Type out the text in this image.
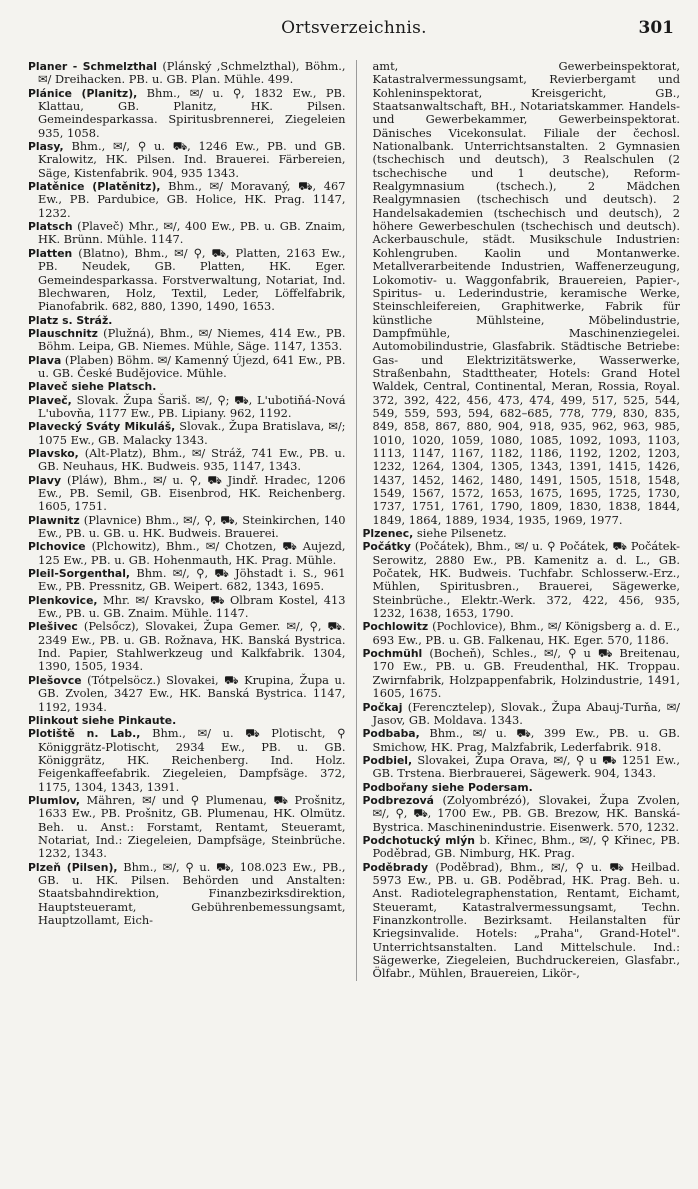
Ortsverzeichnis.	301
Planer - Schmelzthal (Plánský ,Schmelzthal), Böhm., ✉/ Dreihacken. PB. u. GB. Plan. Mühle. 499.
Plánice (Planitz), Bhm., ✉/ u. ⚲, 1832 Ew., PB. Klattau, GB. Planitz, HK. Pilsen. Gemeindesparkassa. Spiritusbrennerei, Ziegeleien 935, 1058.
Plasy, Bhm., ✉/, ⚲ u. ⛟, 1246 Ew., PB. und GB. Kralowitz, HK. Pilsen. Ind. Brauerei. Färbereien, Säge, Kistenfabrik. 904, 935 1343.
Platěnice (Platěnitz), Bhm., ✉/ Moravaný, ⛟, 467 Ew., PB. Pardubice, GB. Holice, HK. Prag. 1147, 1232.
Platsch (Plaveč) Mhr., ✉/, 400 Ew., PB. u. GB. Znaim, HK. Brünn. Mühle. 1147.
Platten (Blatno), Bhm., ✉/ ⚲, ⛟, Platten, 2163 Ew., PB. Neudek, GB. Platten, HK. Eger. Gemeindesparkassa. Forstverwaltung, Notariat, Ind. Blechwaren, Holz, Textil, Leder, Löffelfabrik, Pianofabrik. 682, 880, 1390, 1490, 1653.
Platz s. Stráž.
Plauschnitz (Plužná), Bhm., ✉/ Niemes, 414 Ew., PB. Böhm. Leipa, GB. Niemes. Mühle, Säge. 1147, 1353.
Plava (Plaben) Böhm. ✉/ Kamenný Újezd, 641 Ew., PB. u. GB. České Budějovice. Mühle.
Plaveč siehe Platsch.
Plaveč, Slovak. Župa Šariš. ✉/, ⚲; ⛟, L'ubotiňá-Nová L'ubovňa, 1177 Ew., PB. Lipiany. 962, 1192.
Plavecký Sváty Mikuláš, Slovak., Župa Bratislava, ✉/; 1075 Ew., GB. Malacky 1343.
Plavsko, (Alt-Platz), Bhm., ✉/ Stráž, 741 Ew., PB. u. GB. Neuhaus, HK. Budweis. 935, 1147, 1343.
Plavy (Pláw), Bhm., ✉/ u. ⚲, ⛟ Jindř. Hradec, 1206 Ew., PB. Semil, GB. Eisenbrod, HK. Reichenberg. 1605, 1751.
Plawnitz (Plavnice) Bhm., ✉/, ⚲, ⛟, Steinkirchen, 140 Ew., PB. u. GB. u. HK. Budweis. Brauerei.
Plchovice (Plchowitz), Bhm., ✉/ Chotzen, ⛟ Aujezd, 125 Ew., PB. u. GB. Hohenmauth, HK. Prag. Mühle.
Pleil-Sorgenthal, Bhm. ✉/, ⚲, ⛟ Jöhstadt i. S., 961 Ew., PB. Pressnitz, GB. Weipert. 682, 1343, 1695.
Plenkovice, Mhr. ✉/ Kravsko, ⛟ Olbram Kostel, 413 Ew., PB. u. GB. Znaim. Mühle. 1147.
Plešivec (Pelsőcz), Slovakei, Župa Gemer. ✉/, ⚲, ⛟. 2349 Ew., PB. u. GB. Rožnava, HK. Banská Bystrica. Ind. Papier, Stahlwerkzeug und Kalkfabrik. 1304, 1390, 1505, 1934.
Plešovce (Tótpelsöcz.) Slovakei, ⛟ Krupina, Župa u. GB. Zvolen, 3427 Ew., HK. Banská Bystrica. 1147, 1192, 1934.
Plinkout siehe Pinkaute.
Plotiště n. Lab., Bhm., ✉/ u. ⛟ Plotischt, ⚲ Königgrätz-Plotischt, 2934 Ew., PB. u. GB. Königgrätz, HK. Reichenberg. Ind. Holz. Feigenkaffeefabrik. Ziegeleien, Dampfsäge. 372, 1175, 1304, 1343, 1391.
Plumlov, Mähren, ✉/ und ⚲ Plumenau, ⛟ Prošnitz, 1633 Ew., PB. Prošnitz, GB. Plumenau, HK. Olmütz. Beh. u. Anst.: Forstamt, Rentamt, Steueramt, Notariat, Ind.: Ziegeleien, Dampfsäge, Steinbrüche. 1232, 1343.
Plzeň (Pilsen), Bhm., ✉/, ⚲ u. ⛟, 108.023 Ew., PB., GB. u. HK. Pilsen. Behörden und Anstalten: Staatsbahndirektion, Finanzbezirksdirektion, Hauptsteueramt, Gebührenbemessungsamt, Hauptzollamt, Eich-
amt, Gewerbeinspektorat, Katastralvermessungsamt, Revierbergamt und Kohleninspektorat, Kreisgericht, GB., Staatsanwaltschaft, BH., Notariatskammer. Handels- und Gewerbekammer, Gewerbeinspektorat. Dänisches Vicekonsulat. Filiale der čechosl. Nationalbank. Unterrichtsanstalten. 2 Gymnasien (tschechisch und deutsch), 3 Realschulen (2 tschechische und 1 deutsche), Reform-Realgymnasium (tschech.), 2 Mädchen Realgymnasien (tschechisch und deutsch). 2 Handelsakademien (tschechisch und deutsch), 2 höhere Gewerbeschulen (tschechisch und deutsch). Ackerbauschule, städt. Musikschule Industrien: Kohlengruben. Kaolin und Montanwerke. Metallverarbeitende Industrien, Waffenerzeugung, Lokomotiv- u. Waggonfabrik, Brauereien, Papier-, Spiritus- u. Lederindustrie, keramische Werke, Steinschleifereien, Graphitwerke, Fabrik für künstliche Mühlsteine, Möbelindustrie, Dampfmühle, Maschinenziegelei. Automobilindustrie, Glasfabrik. Städtische Betriebe: Gas- und Elektrizitätswerke, Wasserwerke, Straßenbahn, Stadttheater, Hotels: Grand Hotel Waldek, Central, Continental, Meran, Rossia, Royal. 372, 392, 422, 456, 473, 474, 499, 517, 525, 544, 549, 559, 593, 594, 682–685, 778, 779, 830, 835, 849, 858, 867, 880, 904, 918, 935, 962, 963, 985, 1010, 1020, 1059, 1080, 1085, 1092, 1093, 1103, 1113, 1147, 1167, 1182, 1186, 1192, 1202, 1203, 1232, 1264, 1304, 1305, 1343, 1391, 1415, 1426, 1437, 1452, 1462, 1480, 1491, 1505, 1518, 1548, 1549, 1567, 1572, 1653, 1675, 1695, 1725, 1730, 1737, 1751, 1761, 1790, 1809, 1830, 1838, 1844, 1849, 1864, 1889, 1934, 1935, 1969, 1977.
Plzenec, siehe Pilsenetz.
Počátky (Počátek), Bhm., ✉/ u. ⚲ Počátek, ⛟ Počátek-Serowitz, 2880 Ew., PB. Kamenitz a. d. L., GB. Počatek, HK. Budweis. Tuchfabr. Schlosserw.-Erz., Mühlen, Spiritusbren., Brauerei, Sägewerke, Steinbrüche., Elektr.-Werk. 372, 422, 456, 935, 1232, 1638, 1653, 1790.
Pochlowitz (Pochlovice), Bhm., ✉/ Königsberg a. d. E., 693 Ew., PB. u. GB. Falkenau, HK. Eger. 570, 1186.
Pochmühl (Bocheň), Schles., ✉/, ⚲ u ⛟ Breitenau, 170 Ew., PB. u. GB. Freudenthal, HK. Troppau. Zwirnfabrik, Holzpappenfabrik, Holzindustrie, 1491, 1605, 1675.
Počkaj (Ferencztelep), Slovak., Župa Abauj-Turňa, ✉/ Jasov, GB. Moldava. 1343.
Podbaba, Bhm., ✉/ u. ⛟, 399 Ew., PB. u. GB. Smichow, HK. Prag, Malzfabrik, Lederfabrik. 918.
Podbiel, Slovakei, Župa Orava, ✉/, ⚲ u ⛟ 1251 Ew., GB. Trstena. Bierbrauerei, Sägewerk. 904, 1343.
Podbořany siehe Podersam.
Podbrezová (Zolyombrézó), Slovakei, Župa Zvolen, ✉/, ⚲, ⛟, 1700 Ew., PB. GB. Brezow, HK. Banská-Bystrica. Maschinenindustrie. Eisenwerk. 570, 1232.
Podchotucký mlýn b. Křinec, Bhm., ✉/, ⚲ Křinec, PB. Poděbrad, GB. Nimburg, HK. Prag.
Poděbrady (Poděbrad), Bhm., ✉/, ⚲ u. ⛟ Heilbad. 5973 Ew., PB. u. GB. Poděbrad, HK. Prag. Beh. u. Anst. Radiotelegraphenstation, Rentamt, Eichamt, Steueramt, Katastralvermessungsamt, Techn. Finanzkontrolle. Bezirksamt. Heilanstalten für Kriegsinvalide. Hotels: „Praha", Grand-Hotel". Unterrichtsanstalten. Land Mittelschule. Ind.: Sägewerke, Ziegeleien, Buchdruckereien, Glasfabr., Ölfabr., Mühlen, Brauereien, Likör-,
